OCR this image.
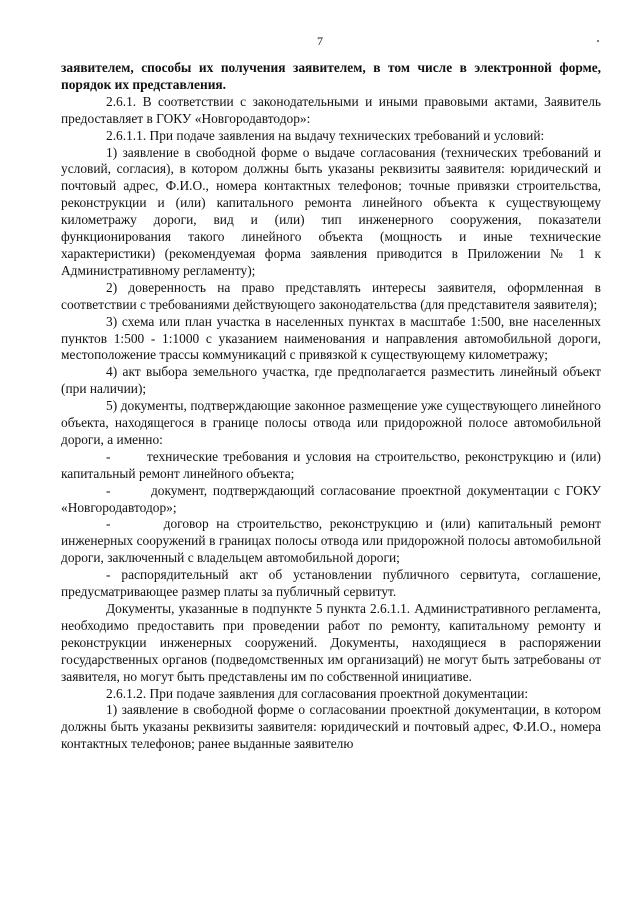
7

заявителем, способы их получения заявителем, в том числе в электронной форме, порядок их представления.

2.6.1. В соответствии с законодательными и иными правовыми актами, Заявитель предоставляет в ГОКУ «Новгородавтодор»:

2.6.1.1. При подаче заявления на выдачу технических требований и условий:

1) заявление в свободной форме о выдаче согласования (технических требований и условий, согласия), в котором должны быть указаны реквизиты заявителя: юридический и почтовый адрес, Ф.И.О., номера контактных телефонов; точные привязки строительства, реконструкции и (или) капитального ремонта линейного объекта к существующему километражу дороги, вид и (или) тип инженерного сооружения, показатели функционирования такого линейного объекта (мощность и иные технические характеристики) (рекомендуемая форма заявления приводится в Приложении № 1 к Административному регламенту);

2) доверенность на право представлять интересы заявителя, оформленная в соответствии с требованиями действующего законодательства (для представителя заявителя);

3) схема или план участка в населенных пунктах в масштабе 1:500, вне населенных пунктов 1:500 - 1:1000 с указанием наименования и направления автомобильной дороги, местоположение трассы коммуникаций с привязкой к существующему километражу;

4) акт выбора земельного участка, где предполагается разместить линейный объект (при наличии);

5) документы, подтверждающие законное размещение уже существующего линейного объекта, находящегося в границе полосы отвода или придорожной полосе автомобильной дороги, а именно:

-       технические требования и условия на строительство, реконструкцию и (или) капитальный ремонт линейного объекта;

-       документ, подтверждающий согласование проектной документации с ГОКУ «Новгородавтодор»;

-       договор на строительство, реконструкцию и (или) капитальный ремонт инженерных сооружений в границах полосы отвода или придорожной полосы автомобильной дороги, заключенный с владельцем автомобильной дороги;

- распорядительный акт об установлении публичного сервитута, соглашение, предусматривающее размер платы за публичный сервитут.

Документы, указанные в подпункте 5 пункта 2.6.1.1. Административного регламента, необходимо предоставить при проведении работ по ремонту, капитальному ремонту и реконструкции инженерных сооружений. Документы, находящиеся в распоряжении государственных органов (подведомственных им организаций) не могут быть затребованы от заявителя, но могут быть представлены им по собственной инициативе.

2.6.1.2. При подаче заявления для согласования проектной документации:

1) заявление в свободной форме о согласовании проектной документации, в котором должны быть указаны реквизиты заявителя: юридический и почтовый адрес, Ф.И.О., номера контактных телефонов; ранее выданные заявителю
